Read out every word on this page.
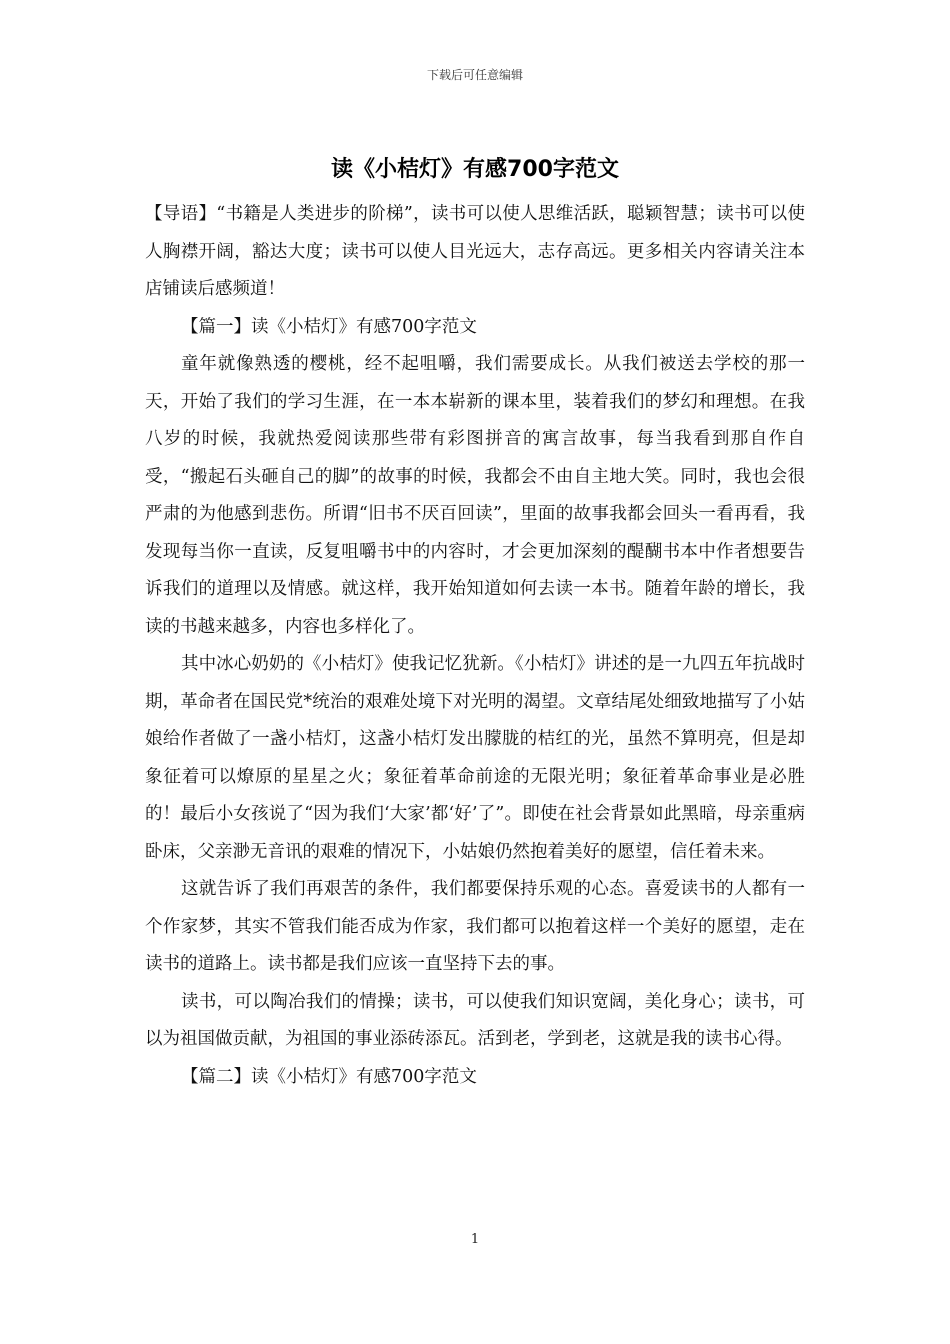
下载后可任意编辑
读《小桔灯》有感700字范文

【导语】“书籍是人类进步的阶梯”，读书可以使人思维活跃，聪颖智慧；读书可以使人胸襟开阔，豁达大度；读书可以使人目光远大，志存高远。更多相关内容请关注本店铺读后感频道！

【篇一】读《小桔灯》有感700字范文

童年就像熟透的樱桃，经不起咀嚼，我们需要成长。从我们被送去学校的那一天，开始了我们的学习生涯，在一本本崭新的课本里，装着我们的梦幻和理想。在我八岁的时候，我就热爱阅读那些带有彩图拼音的寓言故事，每当我看到那自作自受，“搬起石头砸自己的脚”的故事的时候，我都会不由自主地大笑。同时，我也会很严肃的为他感到悲伤。所谓“旧书不厌百回读”，里面的故事我都会回头一看再看，我发现每当你一直读，反复咀嚼书中的内容时，才会更加深刻的醍醐书本中作者想要告诉我们的道理以及情感。就这样，我开始知道如何去读一本书。随着年龄的增长，我读的书越来越多，内容也多样化了。

其中冰心奶奶的《小桔灯》使我记忆犹新。《小桔灯》讲述的是一九四五年抗战时期，革命者在国民党*统治的艰难处境下对光明的渴望。文章结尾处细致地描写了小姑娘给作者做了一盏小桔灯，这盏小桔灯发出朦胧的桔红的光，虽然不算明亮，但是却象征着可以燎原的星星之火；象征着革命前途的无限光明；象征着革命事业是必胜的！最后小女孩说了“因为我们‘大家’都‘好’了”。即使在社会背景如此黑暗，母亲重病卧床，父亲渺无音讯的艰难的情况下，小姑娘仍然抱着美好的愿望，信任着未来。

这就告诉了我们再艰苦的条件，我们都要保持乐观的心态。喜爱读书的人都有一个作家梦，其实不管我们能否成为作家，我们都可以抱着这样一个美好的愿望，走在读书的道路上。读书都是我们应该一直坚持下去的事。

读书，可以陶冶我们的情操；读书，可以使我们知识宽阔，美化身心；读书，可以为祖国做贡献，为祖国的事业添砖添瓦。活到老，学到老，这就是我的读书心得。

【篇二】读《小桔灯》有感700字范文

1
